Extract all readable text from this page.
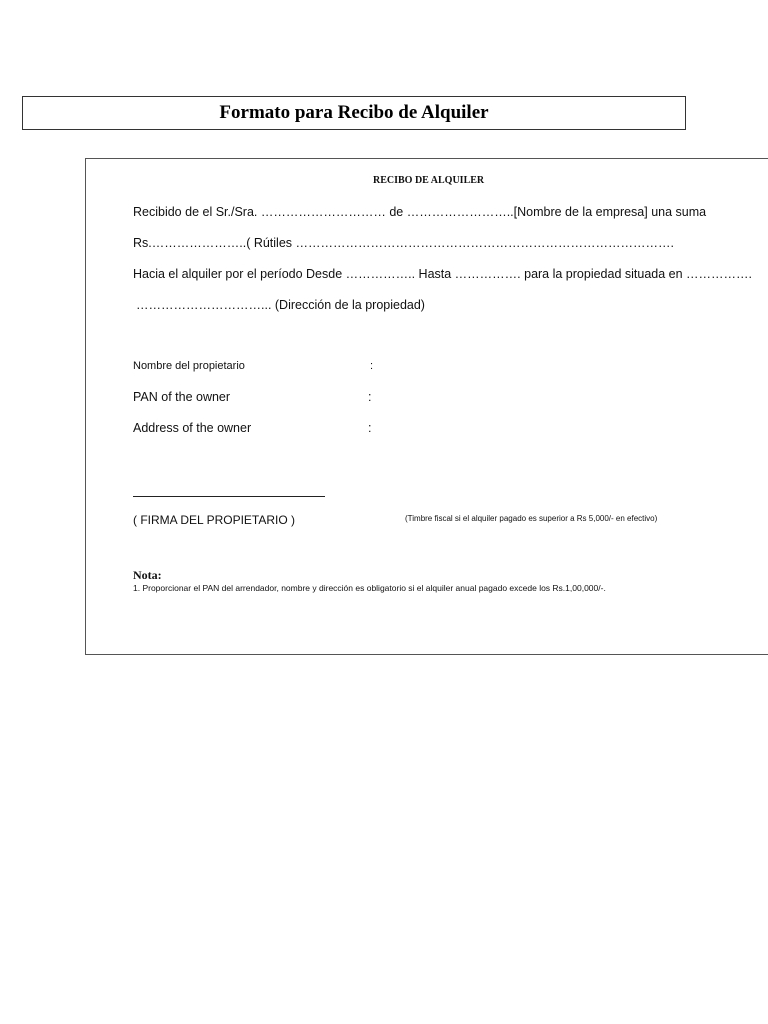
Formato para Recibo de Alquiler
RECIBO DE ALQUILER
Recibido de el Sr./Sra. ………………………… de ……………………..[Nombre de la empresa] una suma
Rs.…………………..( Rútiles ……………………………………………………………………………….
Hacia el alquiler por el período Desde …………….. Hasta ……………. para la propiedad situada en …………….
…………………………... (Dirección de la propiedad)
Nombre del propietario	:
PAN of the owner	:
Address of the owner	:
( FIRMA DEL PROPIETARIO )	(Timbre fiscal si el alquiler pagado es superior a Rs 5,000/- en efectivo)
Nota:
1. Proporcionar el PAN del arrendador, nombre y dirección es obligatorio si el alquiler anual pagado excede los Rs.1,00,000/-.
